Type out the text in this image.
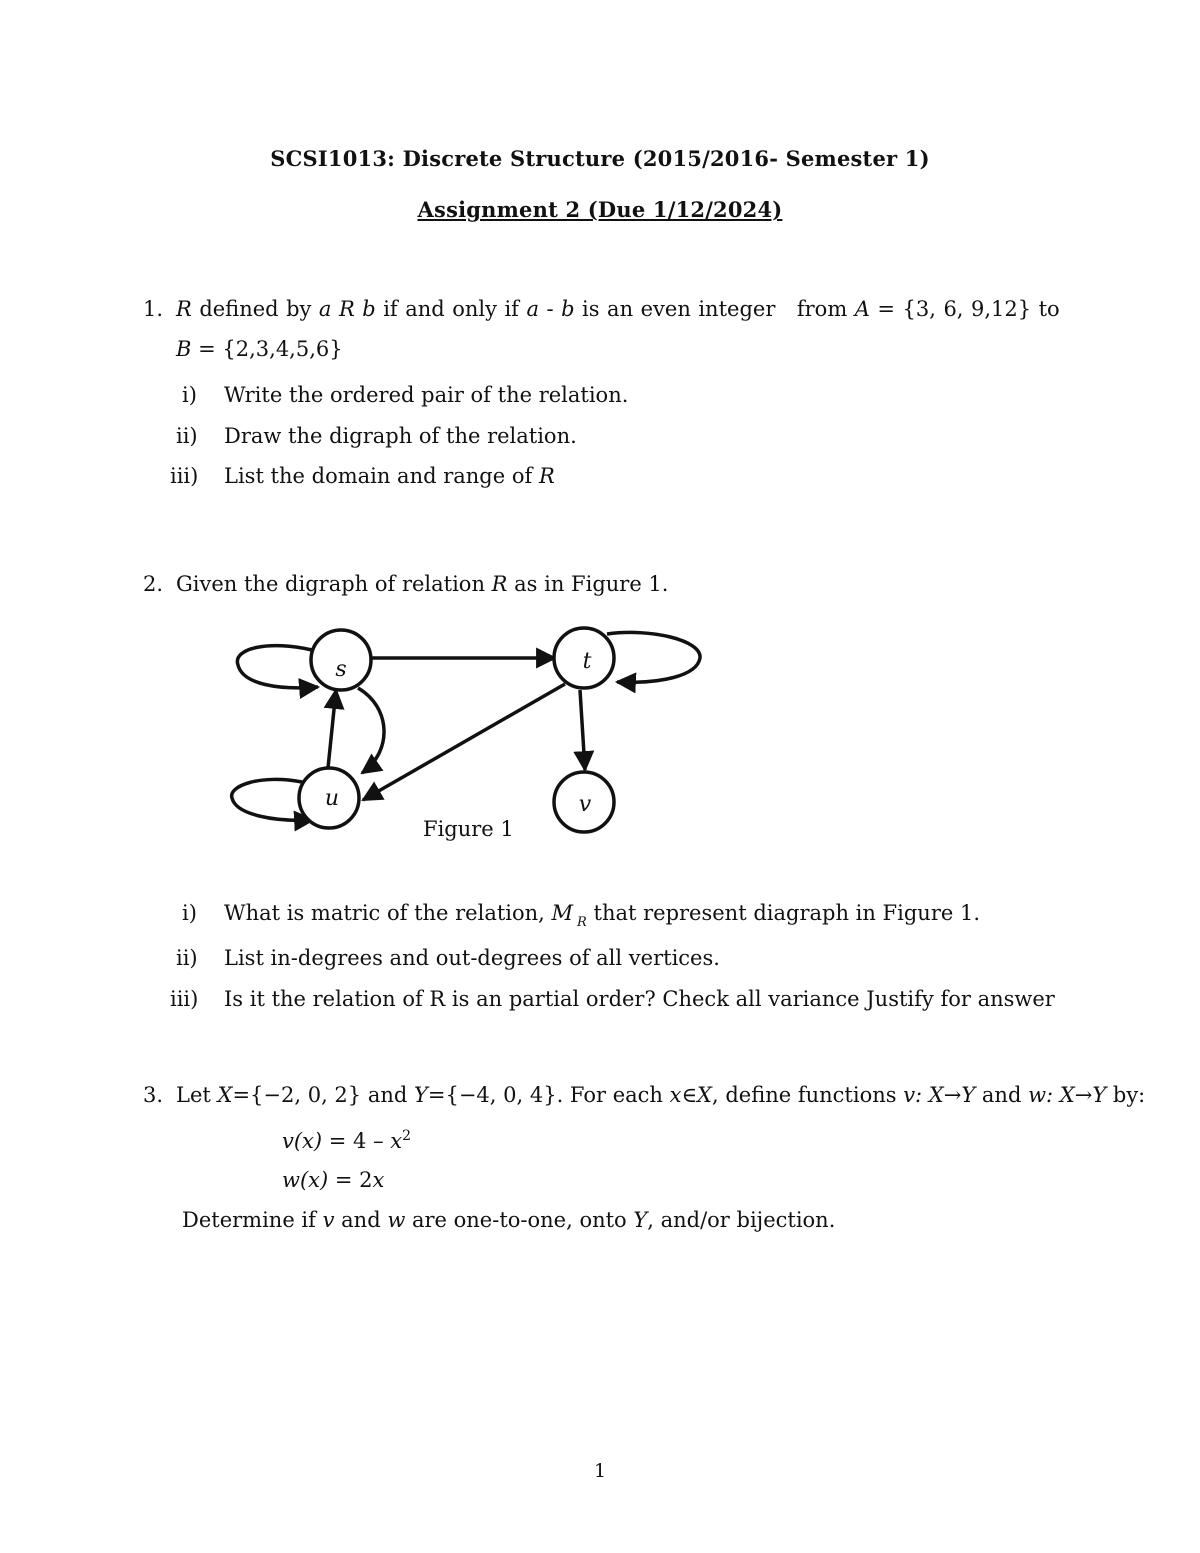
SCSI1013: Discrete Structure (2015/2016- Semester 1)
Assignment 2 (Due 1/12/2024)
1. R defined by a R b if and only if a - b is an even integer from A = {3, 6, 9,12} to
B = {2,3,4,5,6}
i) Write the ordered pair of the relation.
ii) Draw the digraph of the relation.
iii) List the domain and range of R
2. Given the digraph of relation R as in Figure 1.
s	t
u	v
Figure 1
i) What is matric of the relation, M $_R$ that represent diagraph in Figure 1.
ii) List in-degrees and out-degrees of all vertices.
iii) Is it the relation of R is an partial order? Check all variance Justify for answer
3. Let X={−2, 0, 2} and Y={−4, 0, 4}. For each x∈X, define functions v: X→Y and w: X→Y by:
$v(x) = 4 - x^2$
w(x) = 2x
Determine if v and w are one-to-one, onto Y, and/or bijection.
1
